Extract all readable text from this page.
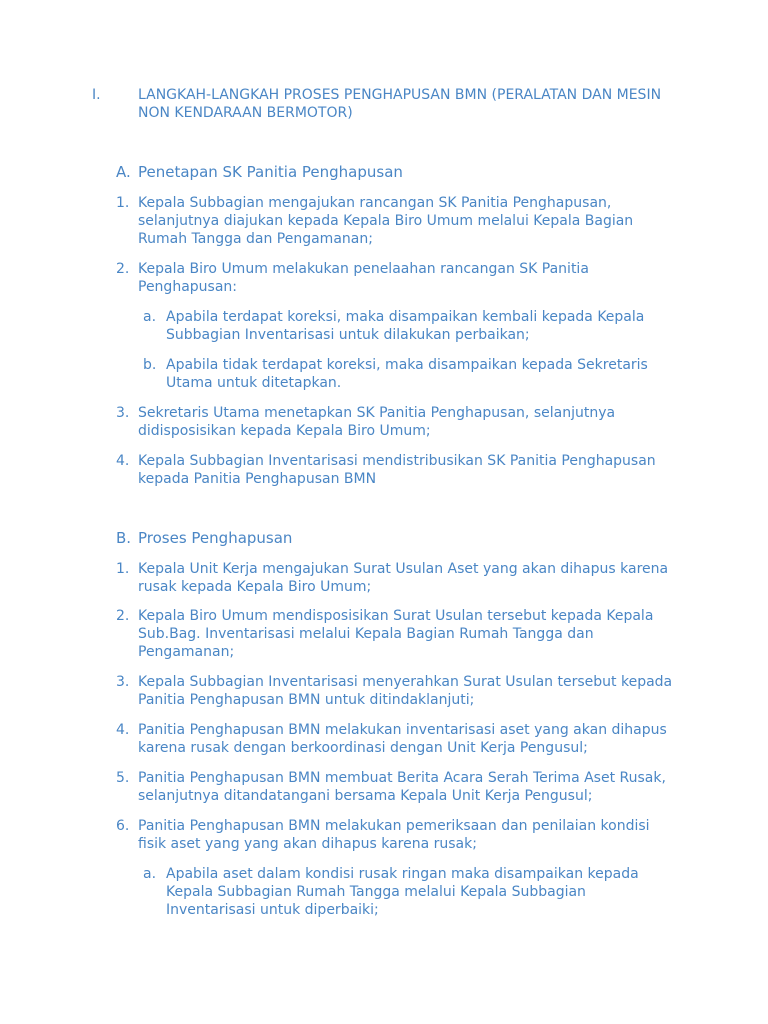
I.	LANGKAH-LANGKAH PROSES PENGHAPUSAN BMN (PERALATAN DAN MESIN NON KENDARAAN BERMOTOR)
A. Penetapan SK Panitia Penghapusan
1. Kepala Subbagian mengajukan rancangan SK Panitia Penghapusan, selanjutnya diajukan kepada Kepala Biro Umum melalui Kepala Bagian Rumah Tangga dan Pengamanan;
2. Kepala Biro Umum melakukan penelaahan rancangan SK Panitia Penghapusan:
a. Apabila terdapat koreksi, maka disampaikan kembali kepada Kepala Subbagian Inventarisasi untuk dilakukan perbaikan;
b. Apabila tidak terdapat koreksi, maka disampaikan kepada Sekretaris Utama untuk ditetapkan.
3. Sekretaris Utama menetapkan SK Panitia Penghapusan, selanjutnya didisposisikan kepada Kepala Biro Umum;
4. Kepala Subbagian Inventarisasi mendistribusikan SK Panitia Penghapusan kepada Panitia Penghapusan BMN
B. Proses Penghapusan
1. Kepala Unit Kerja mengajukan Surat Usulan Aset yang akan dihapus karena rusak kepada Kepala Biro Umum;
2. Kepala Biro Umum mendisposisikan Surat Usulan tersebut kepada Kepala Sub.Bag. Inventarisasi melalui Kepala Bagian Rumah Tangga dan Pengamanan;
3. Kepala Subbagian Inventarisasi menyerahkan Surat Usulan tersebut kepada Panitia Penghapusan BMN untuk ditindaklanjuti;
4. Panitia Penghapusan BMN melakukan inventarisasi aset yang akan dihapus karena rusak dengan berkoordinasi dengan Unit Kerja Pengusul;
5. Panitia Penghapusan BMN membuat Berita Acara Serah Terima Aset Rusak, selanjutnya ditandatangani bersama Kepala Unit Kerja Pengusul;
6. Panitia Penghapusan BMN melakukan pemeriksaan dan penilaian kondisi fisik aset yang yang akan dihapus karena rusak;
a. Apabila aset dalam kondisi rusak ringan maka disampaikan kepada Kepala Subbagian Rumah Tangga melalui Kepala Subbagian Inventarisasi untuk diperbaiki;
